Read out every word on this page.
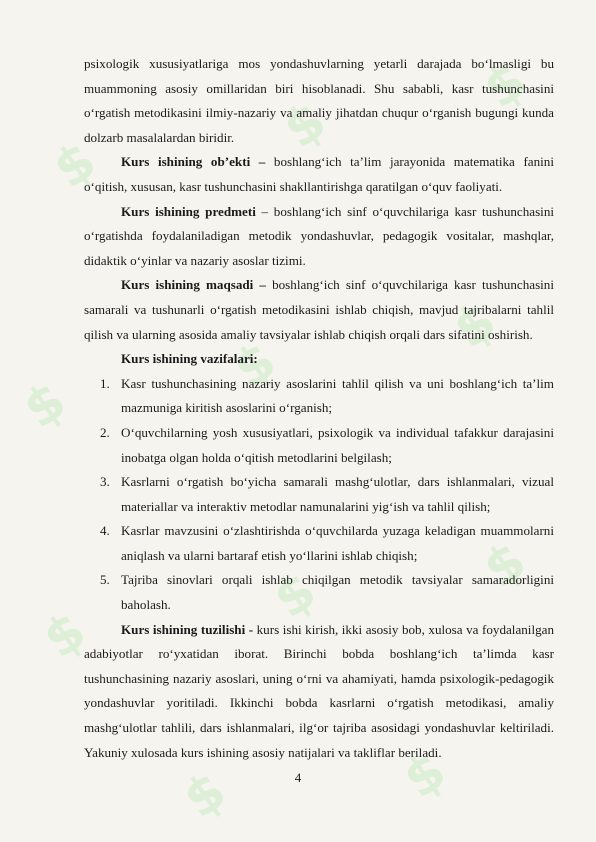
$
$
$
$
$
$
$
$	$
$	$

psixologik xususiyatlariga mos yondashuvlarning yetarli darajada bo‘lmasligi bu muammoning asosiy omillaridan biri hisoblanadi. Shu sababli, kasr tushunchasini o‘rgatish metodikasini ilmiy-nazariy va amaliy jihatdan chuqur o‘rganish bugungi kunda dolzarb masalalardan biridir.

Kurs ishining ob’ekti – boshlang‘ich ta’lim jarayonida matematika fanini o‘qitish, xususan, kasr tushunchasini shakllantirishga qaratilgan o‘quv faoliyati.

Kurs ishining predmeti – boshlang‘ich sinf o‘quvchilariga kasr tushunchasini o‘rgatishda foydalaniladigan metodik yondashuvlar, pedagogik vositalar, mashqlar, didaktik o‘yinlar va nazariy asoslar tizimi.

Kurs ishining maqsadi – boshlang‘ich sinf o‘quvchilariga kasr tushunchasini samarali va tushunarli o‘rgatish metodikasini ishlab chiqish, mavjud tajribalarni tahlil qilish va ularning asosida amaliy tavsiyalar ishlab chiqish orqali dars sifatini oshirish.

Kurs ishining vazifalari:
1. Kasr tushunchasining nazariy asoslarini tahlil qilish va uni boshlang‘ich ta’lim mazmuniga kiritish asoslarini o‘rganish;
2. O‘quvchilarning yosh xususiyatlari, psixologik va individual tafakkur darajasini inobatga olgan holda o‘qitish metodlarini belgilash;
3. Kasrlarni o‘rgatish bo‘yicha samarali mashg‘ulotlar, dars ishlanmalari, vizual materiallar va interaktiv metodlar namunalarini yig‘ish va tahlil qilish;
4. Kasrlar mavzusini o‘zlashtirishda o‘quvchilarda yuzaga keladigan muammolarni aniqlash va ularni bartaraf etish yo‘llarini ishlab chiqish;
5. Tajriba sinovlari orqali ishlab chiqilgan metodik tavsiyalar samaradorligini baholash.

Kurs ishining tuzilishi - kurs ishi kirish, ikki asosiy bob, xulosa va foydalanilgan adabiyotlar ro‘yxatidan iborat. Birinchi bobda boshlang‘ich ta’limda kasr tushunchasining nazariy asoslari, uning o‘rni va ahamiyati, hamda psixologik-pedagogik yondashuvlar yoritiladi. Ikkinchi bobda kasrlarni o‘rgatish metodikasi, amaliy mashg‘ulotlar tahlili, dars ishlanmalari, ilg‘or tajriba asosidagi yondashuvlar keltiriladi. Yakuniy xulosada kurs ishining asosiy natijalari va takliflar beriladi.

4
